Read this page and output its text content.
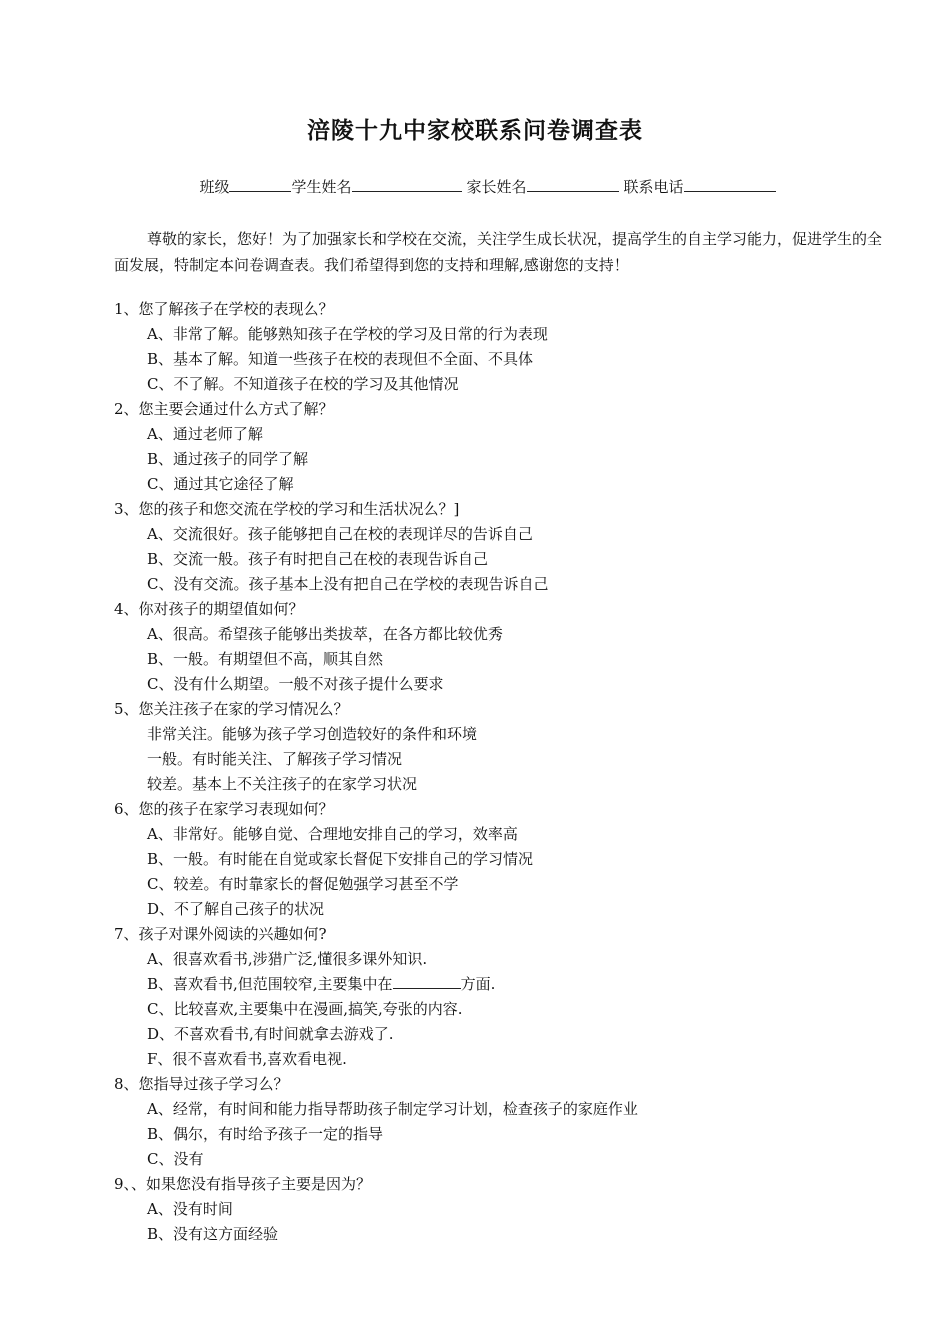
涪陵十九中家校联系问卷调查表
班级	学生姓名	家长姓名	联系电话
尊敬的家长，您好！为了加强家长和学校在交流，关注学生成长状况，提高学生的自主学习能力，促进学生的全面发展，特制定本问卷调查表。我们希望得到您的支持和理解,感谢您的支持！
1、您了解孩子在学校的表现么？
A、非常了解。能够熟知孩子在学校的学习及日常的行为表现
B、基本了解。知道一些孩子在校的表现但不全面、不具体
C、不了解。不知道孩子在校的学习及其他情况
2、您主要会通过什么方式了解？
A、通过老师了解
B、通过孩子的同学了解
C、通过其它途径了解
3、您的孩子和您交流在学校的学习和生活状况么？]
A、交流很好。孩子能够把自己在校的表现详尽的告诉自己
B、交流一般。孩子有时把自己在校的表现告诉自己
C、没有交流。孩子基本上没有把自己在学校的表现告诉自己
4、你对孩子的期望值如何？
A、很高。希望孩子能够出类拔萃，在各方都比较优秀
B、一般。有期望但不高，顺其自然
C、没有什么期望。一般不对孩子提什么要求
5、您关注孩子在家的学习情况么？
非常关注。能够为孩子学习创造较好的条件和环境
一般。有时能关注、了解孩子学习情况
较差。基本上不关注孩子的在家学习状况
6、您的孩子在家学习表现如何？
A、非常好。能够自觉、合理地安排自己的学习，效率高
B、一般。有时能在自觉或家长督促下安排自己的学习情况
C、较差。有时靠家长的督促勉强学习甚至不学
D、不了解自己孩子的状况
7、孩子对课外阅读的兴趣如何?
A、很喜欢看书,涉猎广泛,懂很多课外知识.
B、喜欢看书,但范围较窄,主要集中在	方面.
C、比较喜欢,主要集中在漫画,搞笑,夸张的内容.
D、不喜欢看书,有时间就拿去游戏了.
F、很不喜欢看书,喜欢看电视.
8、您指导过孩子学习么？
A、经常，有时间和能力指导帮助孩子制定学习计划，检查孩子的家庭作业
B、偶尔，有时给予孩子一定的指导
C、没有
9、、如果您没有指导孩子主要是因为？
A、没有时间
B、没有这方面经验
